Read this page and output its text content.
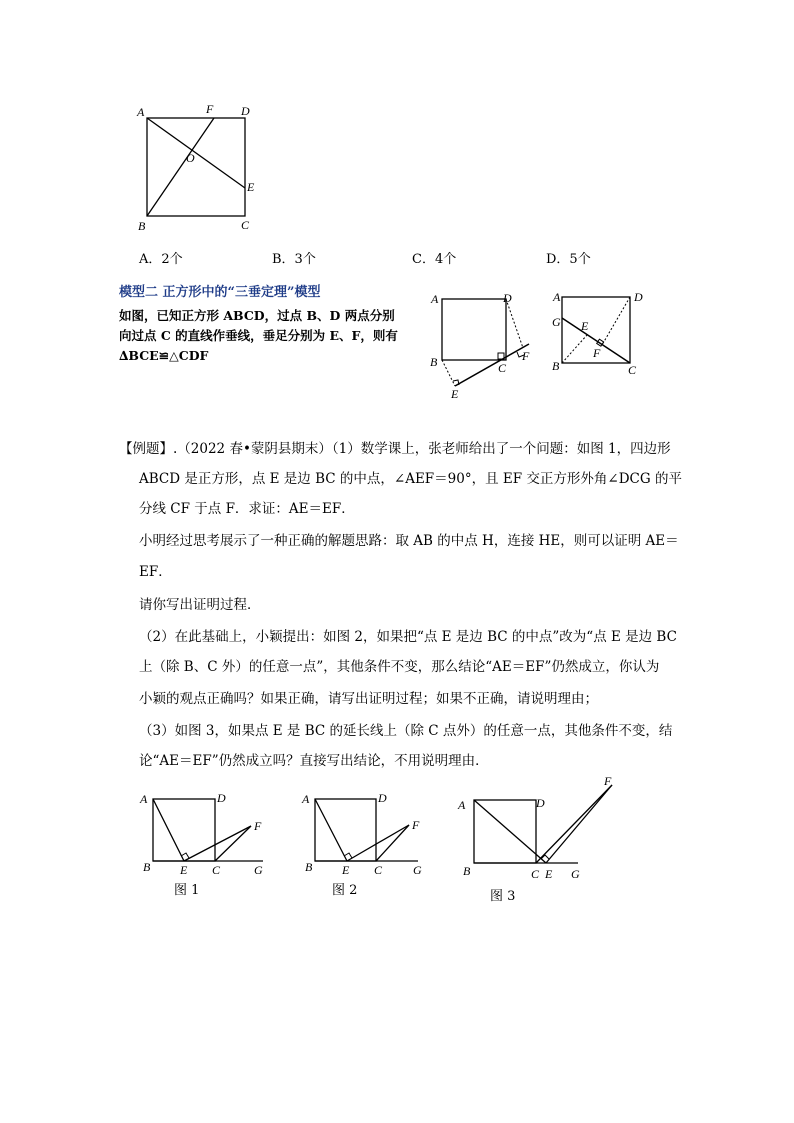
A	F D
O
E
B	C
A．2个	B．3个	C．4个	D．5个
模型二 正方形中的“三垂定理”模型
如图，已知正方形 ABCD，过点 B、D 两点分别
向过点 C 的直线作垂线，垂足分别为 E、F，则有
∆BCE≌△CDF
A	D
B	C
F
E
A	D
G E
F
B	C
【例题】.（2022 春•蒙阴县期末）（1）数学课上，张老师给出了一个问题：如图 1，四边形
ABCD 是正方形，点 E 是边 BC 的中点，∠AEF＝90°，且 EF 交正方形外角∠DCG 的平
分线 CF 于点 F．求证：AE＝EF．
小明经过思考展示了一种正确的解题思路：取 AB 的中点 H，连接 HE，则可以证明 AE＝
EF．
请你写出证明过程．
（2）在此基础上，小颖提出：如图 2，如果把“点 E 是边 BC 的中点”改为“点 E 是边 BC
上（除 B、C 外）的任意一点”，其他条件不变，那么结论“AE＝EF”仍然成立，你认为
小颖的观点正确吗？如果正确，请写出证明过程；如果不正确，请说明理由；
（3）如图 3，如果点 E 是 BC 的延长线上（除 C 点外）的任意一点，其他条件不变，结
论“AE＝EF”仍然成立吗？直接写出结论，不用说明理由．
A	D
F
B E C	G
图 1
A	D
F
B E C	G
图 2
A	D
F
B	C E G
图 3
